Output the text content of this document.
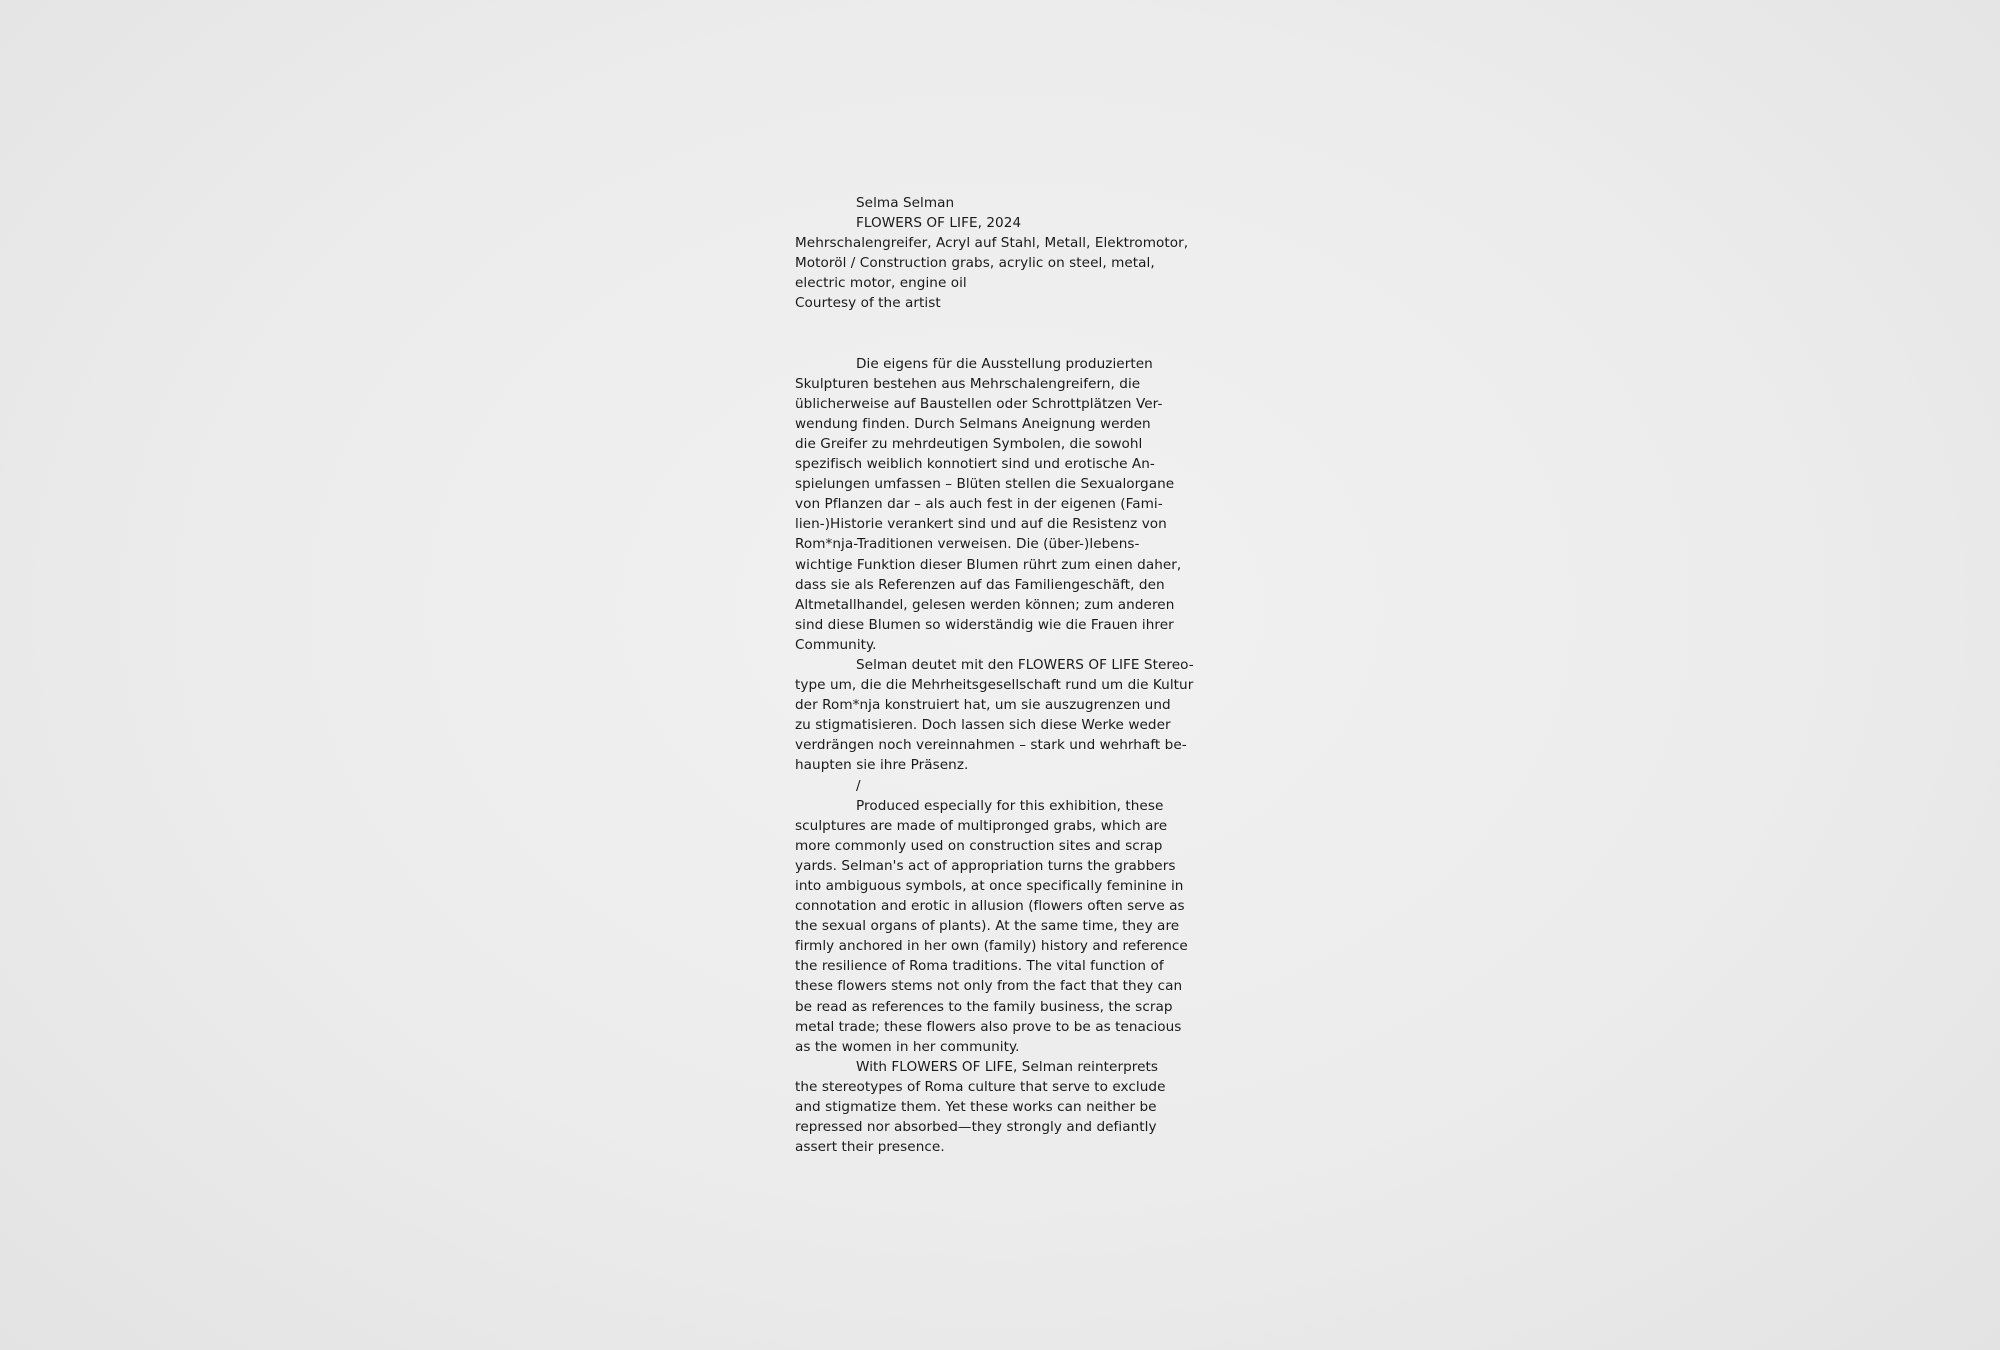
Selma Selman
FLOWERS OF LIFE, 2024
Mehrschalengreifer, Acryl auf Stahl, Metall, Elektromotor,
Motoröl / Construction grabs, acrylic on steel, metal,
electric motor, engine oil
Courtesy of the artist
Die eigens für die Ausstellung produzierten
Skulpturen bestehen aus Mehrschalengreifern, die
üblicherweise auf Baustellen oder Schrottplätzen Ver-
wendung finden. Durch Selmans Aneignung werden
die Greifer zu mehrdeutigen Symbolen, die sowohl
spezifisch weiblich konnotiert sind und erotische An-
spielungen umfassen – Blüten stellen die Sexualorgane
von Pflanzen dar – als auch fest in der eigenen (Fami-
lien-)Historie verankert sind und auf die Resistenz von
Rom*nja-Traditionen verweisen. Die (über-)lebens-
wichtige Funktion dieser Blumen rührt zum einen daher,
dass sie als Referenzen auf das Familiengeschäft, den
Altmetallhandel, gelesen werden können; zum anderen
sind diese Blumen so widerständig wie die Frauen ihrer
Community.
Selman deutet mit den FLOWERS OF LIFE Stereo-
type um, die die Mehrheitsgesellschaft rund um die Kultur
der Rom*nja konstruiert hat, um sie auszugrenzen und
zu stigmatisieren. Doch lassen sich diese Werke weder
verdrängen noch vereinnahmen – stark und wehrhaft be-
haupten sie ihre Präsenz.
/
Produced especially for this exhibition, these
sculptures are made of multipronged grabs, which are
more commonly used on construction sites and scrap
yards. Selman's act of appropriation turns the grabbers
into ambiguous symbols, at once specifically feminine in
connotation and erotic in allusion (flowers often serve as
the sexual organs of plants). At the same time, they are
firmly anchored in her own (family) history and reference
the resilience of Roma traditions. The vital function of
these flowers stems not only from the fact that they can
be read as references to the family business, the scrap
metal trade; these flowers also prove to be as tenacious
as the women in her community.
With FLOWERS OF LIFE, Selman reinterprets
the stereotypes of Roma culture that serve to exclude
and stigmatize them. Yet these works can neither be
repressed nor absorbed—they strongly and defiantly
assert their presence.
